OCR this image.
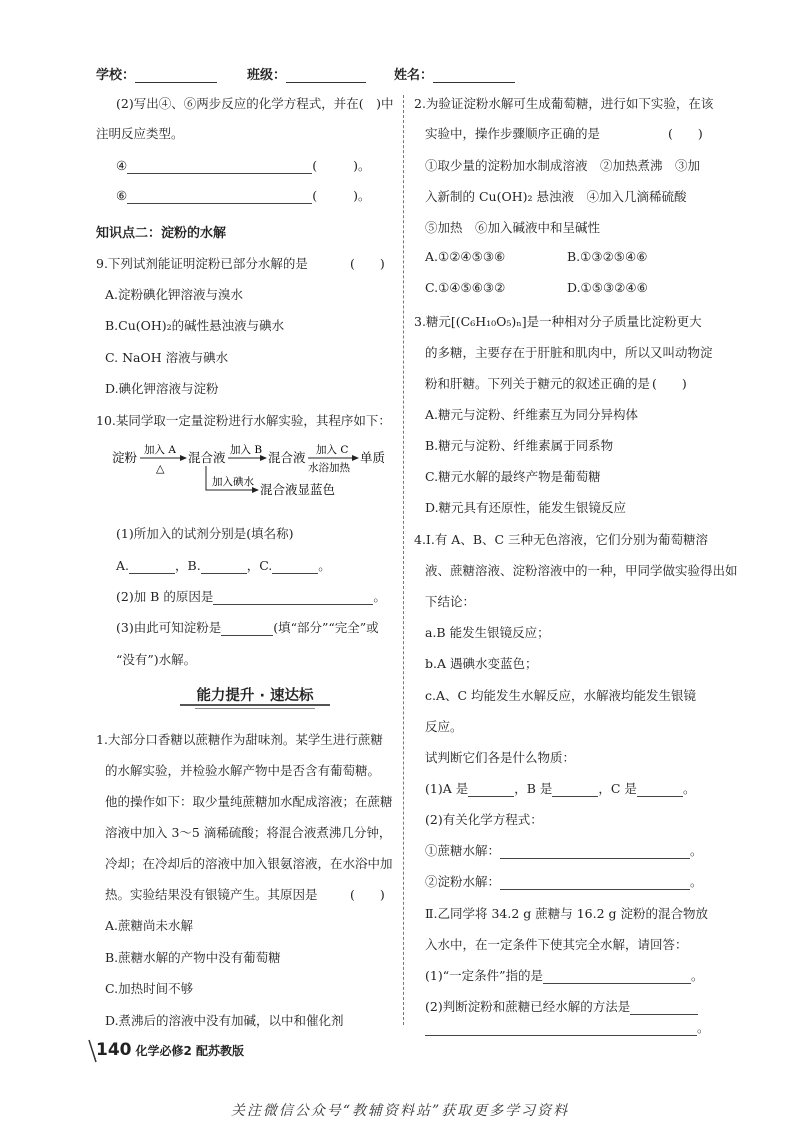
学校：	班级：	姓名：
(2)写出④、⑥两步反应的化学方程式，并在(　)中
注明反应类型。
④	(	)。
⑥	(	)。
知识点二：淀粉的水解
9.下列试剂能证明淀粉已部分水解的是	(　　)
A.淀粉碘化钾溶液与溴水
B.Cu(OH)₂的碱性悬浊液与碘水
C. NaOH 溶液与碘水
D.碘化钾溶液与淀粉
10.某同学取一定量淀粉进行水解实验，其程序如下：
淀粉 加入 A
△
混合液 加入 B 混合液 加入 C
水浴加热
单质
加入碘水 混合液显蓝色
(1)所加入的试剂分别是(填名称)
A.	，B.	，C.	。
(2)加 B 的原因是	。
(3)由此可知淀粉是	(填“部分”“完全”或
“没有”)水解。
能力提升 · 速达标
1.大部分口香糖以蔗糖作为甜味剂。某学生进行蔗糖
的水解实验，并检验水解产物中是否含有葡萄糖。
他的操作如下：取少量纯蔗糖加水配成溶液；在蔗糖
溶液中加入 3～5 滴稀硫酸；将混合液煮沸几分钟，
冷却；在冷却后的溶液中加入银氨溶液，在水浴中加
热。实验结果没有银镜产生。其原因是	(　　)
A.蔗糖尚未水解
B.蔗糖水解的产物中没有葡萄糖
C.加热时间不够
D.煮沸后的溶液中没有加碱，以中和催化剂
2.为验证淀粉水解可生成葡萄糖，进行如下实验，在该
实验中，操作步骤顺序正确的是	(　　)
①取少量的淀粉加水制成溶液　②加热煮沸　③加
入新制的 Cu(OH)₂ 悬浊液　④加入几滴稀硫酸
⑤加热　⑥加入碱液中和呈碱性
A.①②④⑤③⑥	B.①③②⑤④⑥
C.①④⑤⑥③②	D.①⑤③②④⑥
3.糖元[(C₆H₁₀O₅)ₙ]是一种相对分子质量比淀粉更大
的多糖，主要存在于肝脏和肌肉中，所以又叫动物淀
粉和肝糖。下列关于糖元的叙述正确的是 (　　)
A.糖元与淀粉、纤维素互为同分异构体
B.糖元与淀粉、纤维素属于同系物
C.糖元水解的最终产物是葡萄糖
D.糖元具有还原性，能发生银镜反应
4.Ⅰ.有 A、B、C 三种无色溶液，它们分别为葡萄糖溶
液、蔗糖溶液、淀粉溶液中的一种，甲同学做实验得出如
下结论：
a.B 能发生银镜反应；
b.A 遇碘水变蓝色；
c.A、C 均能发生水解反应，水解液均能发生银镜
反应。
试判断它们各是什么物质：
(1)A 是	，B 是	，C 是	。
(2)有关化学方程式：
①蔗糖水解：	。
②淀粉水解：	。
Ⅱ.乙同学将 34.2 g 蔗糖与 16.2 g 淀粉的混合物放
入水中，在一定条件下使其完全水解，请回答：
(1)“一定条件”指的是	。
(2)判断淀粉和蔗糖已经水解的方法是
。
140 化学必修2 配苏教版
关注微信公众号“教辅资料站”获取更多学习资料
